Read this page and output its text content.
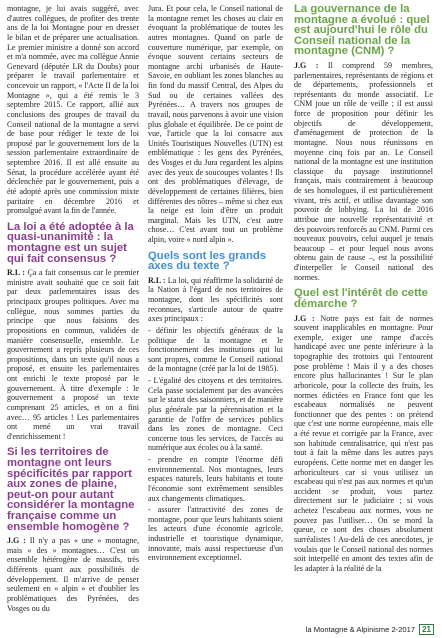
montagne, je lui avais suggéré, avec d'autres collègues, de profiter des trente ans de la loi Montagne pour en dresser le bilan et de préparer une actualisation. Le premier ministre a donné son accord et m'a nommée, avec ma collègue Annie Genevard (députée LR du Doubs) pour préparer le travail parlementaire et concevoir un rapport, « l'Acte II de la loi Montagne », qui a été remis le 3 septembre 2015. Ce rapport, allié aux conclusions des groupes de travail du Conseil national de la montagne a servi de base pour rédiger le texte de loi proposé par le gouvernement lors de la session parlementaire extraordinaire de septembre 2016. Il est allé ensuite au Sénat, la procédure accélérée ayant été déclenchée par le gouvernement, puis a été adopté après une commission mixte paritaire en décembre 2016 et promulgué avant la fin de l'année.

La loi a été adoptée à la quasi-unanimité : la montagne est un sujet qui fait consensus ?

R.L : Ça a fait consensus car le premier ministre avait souhaité que ce soit fait par deux parlementaires issus des principaux groupes politiques. Avec ma collègue, nous sommes parties du principe que nous faisions des propositions en commun, validées de manière consensuelle, ensemble. Le gouvernement a repris plusieurs de ces propositions, dans un texte qu'il nous a proposé, et ensuite les parlementaires ont enrichi le texte proposé par le gouvernement. À titre d'exemple : le gouvernement a proposé un texte comprenant 25 articles, et on a fini avec… 95 articles ! Les parlementaires ont mené un vrai travail d'enrichissement !

Si les territoires de montagne ont leurs spécificités par rapport aux zones de plaine, peut-on pour autant considérer la montagne française comme un ensemble homogène ?

J.G : Il n'y a pas « une » montagne, mais « des » montagnes… C'est un ensemble hétérogène de massifs, très différents quant aux possibilités de développement. Il m'arrive de penser seulement en « alpin » et d'oublier les problématiques des Pyrénées, des Vosges ou du

Jura. Et pour cela, le Conseil national de la montagne remet les choses au clair en évoquant la problématique de toutes les autres montagnes. Quand on parle de couverture numérique, par exemple, on évoque souvent certains secteurs de montagne archi urbanisés de Haute-Savoie, en oubliant les zones blanches au fin fond du massif Central, des Alpes du Sud ou de certaines vallées des Pyrénées… A travers nos groupes de travail, nous parvenons à avoir une vision plus globale et équilibrée. De ce point de vue, l'article que la loi consacre aux Unités Touristiques Nouvelles (UTN) est emblématique : les gens des Pyrénées, des Vosges et du Jura regardent les alpins avec des yeux de soucoupes volantes ! Ils ont des problématiques d'élevage, de développement de certaines filières, bien différentes des nôtres – même si chez eux la neige est loin d'être un produit marginal. Mais les UTN, c'est autre chose… C'est avant tout un problème alpin, voire « nord alpin ».

Quels sont les grands axes du texte ?

R.L : La loi, qui réaffirme la solidarité de la Nation à l'égard de nos territoires de montagne, dont les spécificités sont reconnues, s'articule autour de quatre axes principaux :

- définir les objectifs généraux de la politique de la montagne et le fonctionnement des institutions qui lui sont propres, comme le Conseil national de la montagne (créé par la loi de 1985).

- L'égalité des citoyens et des territoires. Cela passe socialement par des avancées sur le statut des saisonniers, et de manière plus générale par la pérennisation et la garantie de l'offre de services publics dans les zones de montagne. Ceci concerne tous les services, de l'accès au numérique aux écoles ou à la santé.

- prendre en compte l'énorme défi environnemental. Nos montagnes, leurs espaces naturels, leurs habitants et toute l'économie sont extrêmement sensibles aux changements climatiques.

- assurer l'attractivité des zones de montagne, pour que leurs habitants soient les acteurs d'une économie agricole, industrielle et touristique dynamique, innovante, mais aussi respectueuse d'un environnement exceptionnel.

La gouvernance de la montagne a évolué : quel est aujourd'hui le rôle du Conseil national de la montagne (CNM) ?

J.G : Il comprend 59 membres, parlementaires, représentants de régions et de départements, professionnels et représentants du monde associatif. Le CNM joue un rôle de veille ; il est aussi force de proposition pour définir les objectifs de développement, d'aménagement de protection de la montagne. Nous nous réunissons en moyenne cinq fois par an. Le Conseil national de la montagne est une institution classique du paysage institutionnel français, mais contrairement à beaucoup de ses homologues, il est particulièrement vivant, très actif, et utilise davantage son pouvoir de lobbying. La loi de 2016 attribue une nouvelle représentativité et des pouvoirs renforcés au CNM. Parmi ces nouveaux pouvoirs, celui auquel je tenais beaucoup – et pour lequel nous avons obtenu gain de cause –, est la possibilité d'interpeller le Conseil national des normes.

Quel est l'intérêt de cette démarche ?

J.G : Notre pays est fait de normes souvent inapplicables en montagne. Pour exemple, exiger une rampe d'accès handicapé avec une pente inférieure à la topographie des trottoirs qui l'entourent pose problème ! Mais il y a des choses encore plus hallucinantes ! Sur le plan arboricole, pour la collecte des fruits, les normes édictées en France font que les escabeaux normalisés ne peuvent fonctionner que des pentes : on prétend que c'est une norme européenne, mais elle a été revue et corrigée par la France, avec son habitude centralisatrice, qui n'est pas tout à fait la même dans les autres pays européens. Cette norme met en danger les arboriculteurs car si vous utilisez un escabeau qui n'est pas aux normes et qu'un accident se produit, vous partez directement sur le judiciaire ; si vous achetez l'escabeau aux normes, vous ne pouvez pas l'utiliser… On se mord la queue, ce sont des choses absolument surréalistes ! Au-delà de ces anecdotes, je voulais que le Conseil national des normes soit interpellé en amont des textes afin de les adapter à la réalité de la

la Montagne & Alpinisme 2-2017 21
